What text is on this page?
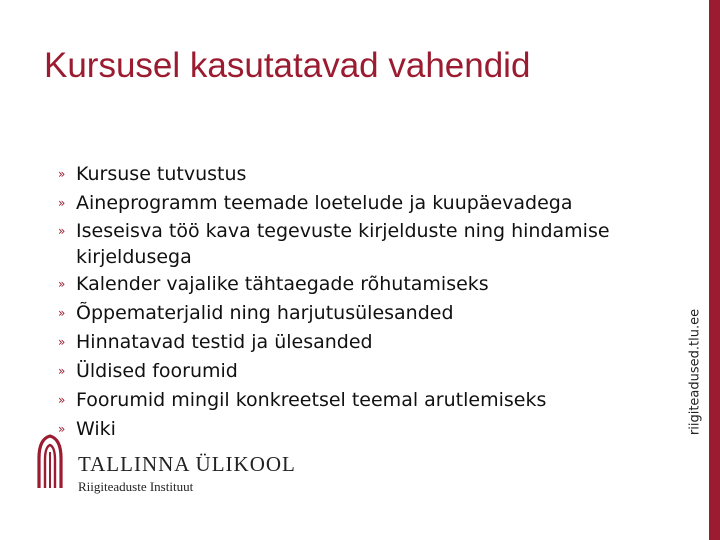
Kursusel kasutatavad vahendid
» Kursuse tutvustus
» Aineprogramm teemade loetelude ja kuupäevadega
» Iseseisva töö kava tegevuste kirjelduste ning hindamise kirjeldusega
» Kalender vajalike tähtaegade rõhutamiseks
» Õppematerjalid ning harjutusülesanded
» Hinnatavad testid ja ülesanded
» Üldised foorumid
» Foorumid mingil konkreetsel teemal arutlemiseks
» Wiki	riigiteadused.tlu.ee
TALLINNA ÜLIKOOL
Riigiteaduste Instituut
